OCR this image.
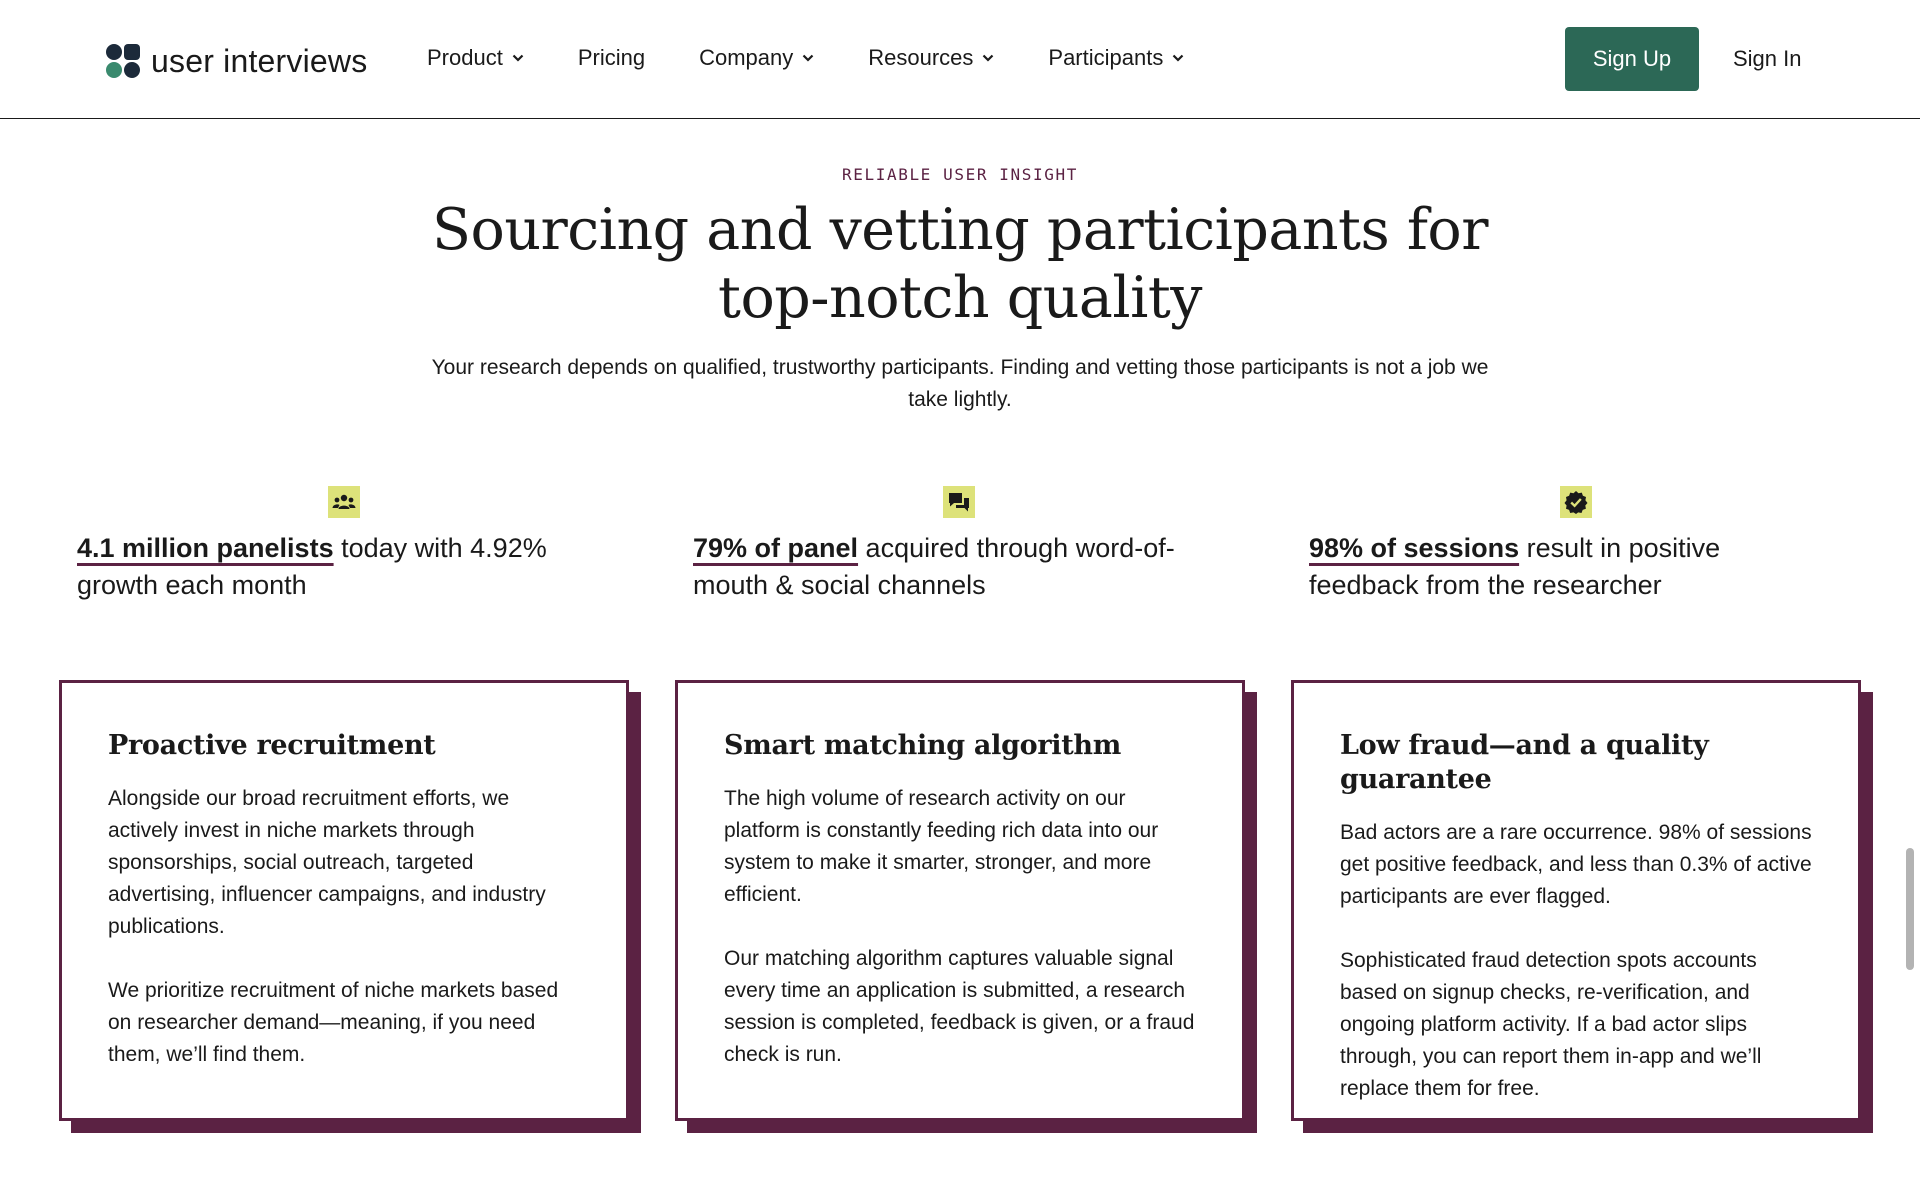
user interviews	Product	Pricing Company	Resources	Participants	Sign Up	Sign In
RELIABLE USER INSIGHT
Sourcing and vetting participants for
top-notch quality

Your research depends on qualified, trustworthy participants. Finding and vetting those participants is not a job we take lightly.

4.1 million panelists today with 4.92% growth each month
79% of panel acquired through word-of-mouth & social channels
98% of sessions result in positive feedback from the researcher
Proactive recruitment

Alongside our broad recruitment efforts, we actively invest in niche markets through sponsorships, social outreach, targeted advertising, influencer campaigns, and industry publications.

We prioritize recruitment of niche markets based on researcher demand—meaning, if you need them, we’ll find them.

Smart matching algorithm

The high volume of research activity on our platform is constantly feeding rich data into our system to make it smarter, stronger, and more efficient.

Our matching algorithm captures valuable signal every time an application is submitted, a research session is completed, feedback is given, or a fraud check is run.

Low fraud—and a quality guarantee

Bad actors are a rare occurrence. 98% of sessions get positive feedback, and less than 0.3% of active participants are ever flagged.

Sophisticated fraud detection spots accounts based on signup checks, re-verification, and ongoing platform activity. If a bad actor slips through, you can report them in-app and we’ll replace them for free.
